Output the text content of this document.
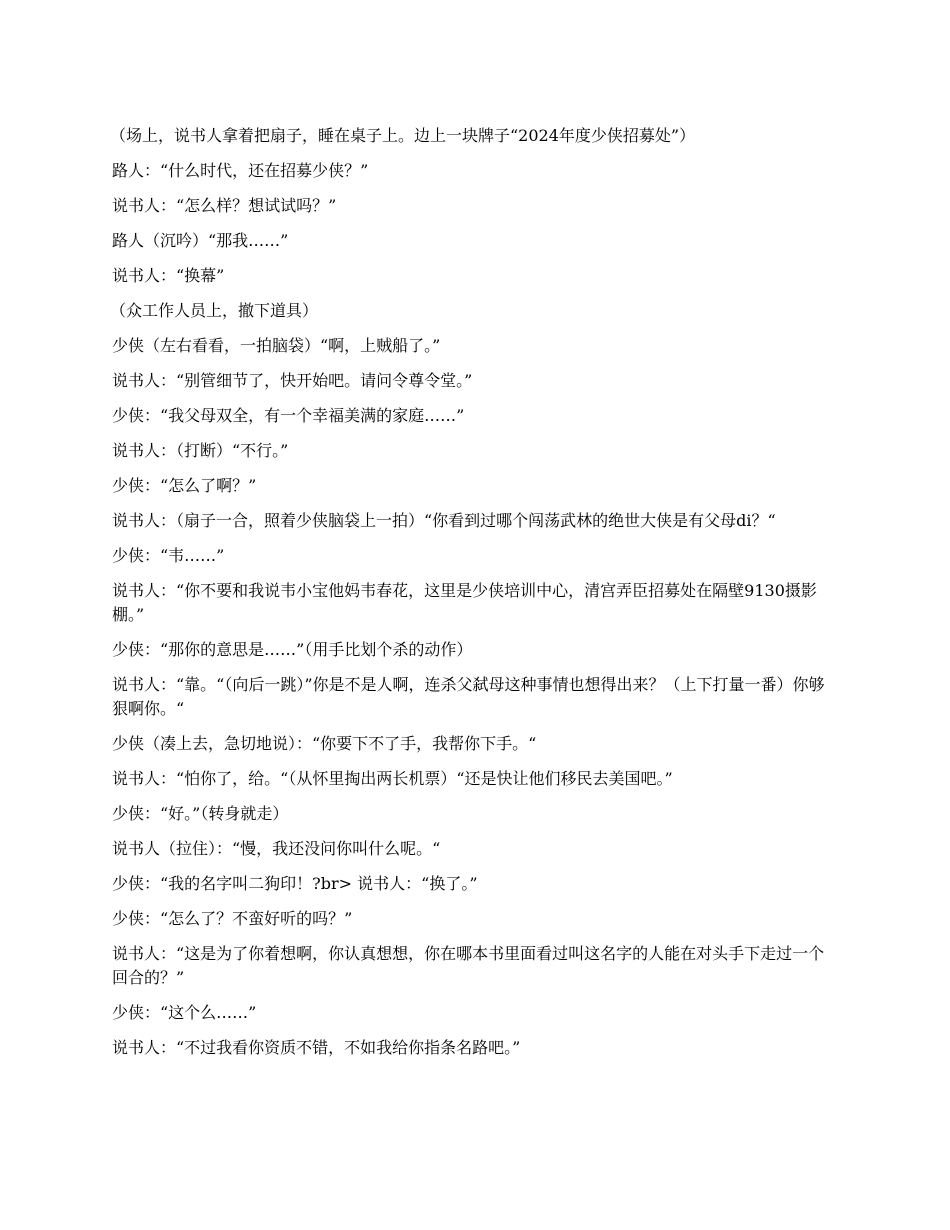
（场上，说书人拿着把扇子，睡在桌子上。边上一块牌子“2024年度少侠招募处”）

路人：“什么时代，还在招募少侠？”

说书人：“怎么样？想试试吗？”

路人（沉吟）“那我……”

说书人：“换幕”

（众工作人员上，撤下道具）

少侠（左右看看，一拍脑袋）“啊，上贼船了。”

说书人：“别管细节了，快开始吧。请问令尊令堂。”

少侠：“我父母双全，有一个幸福美满的家庭……”

说书人：（打断）“不行。”

少侠：“怎么了啊？”

说书人：（扇子一合，照着少侠脑袋上一拍）“你看到过哪个闯荡武林的绝世大侠是有父母di？“

少侠：“韦……”

说书人：“你不要和我说韦小宝他妈韦春花，这里是少侠培训中心，清宫弄臣招募处在隔壁9130摄影棚。”

少侠：“那你的意思是……”（用手比划个杀的动作）

说书人：“靠。“（向后一跳）”你是不是人啊，连杀父弑母这种事情也想得出来？（上下打量一番）你够狠啊你。“

少侠（凑上去，急切地说）：“你要下不了手，我帮你下手。“

说书人：“怕你了，给。“（从怀里掏出两长机票）“还是快让他们移民去美国吧。”

少侠：“好。”（转身就走）

说书人（拉住）：“慢，我还没问你叫什么呢。“

少侠：“我的名字叫二狗印！?br> 说书人：“换了。”

少侠：“怎么了？不蛮好听的吗？”

说书人：“这是为了你着想啊，你认真想想，你在哪本书里面看过叫这名字的人能在对头手下走过一个回合的？”

少侠：“这个么……”

说书人：“不过我看你资质不错，不如我给你指条名路吧。”
